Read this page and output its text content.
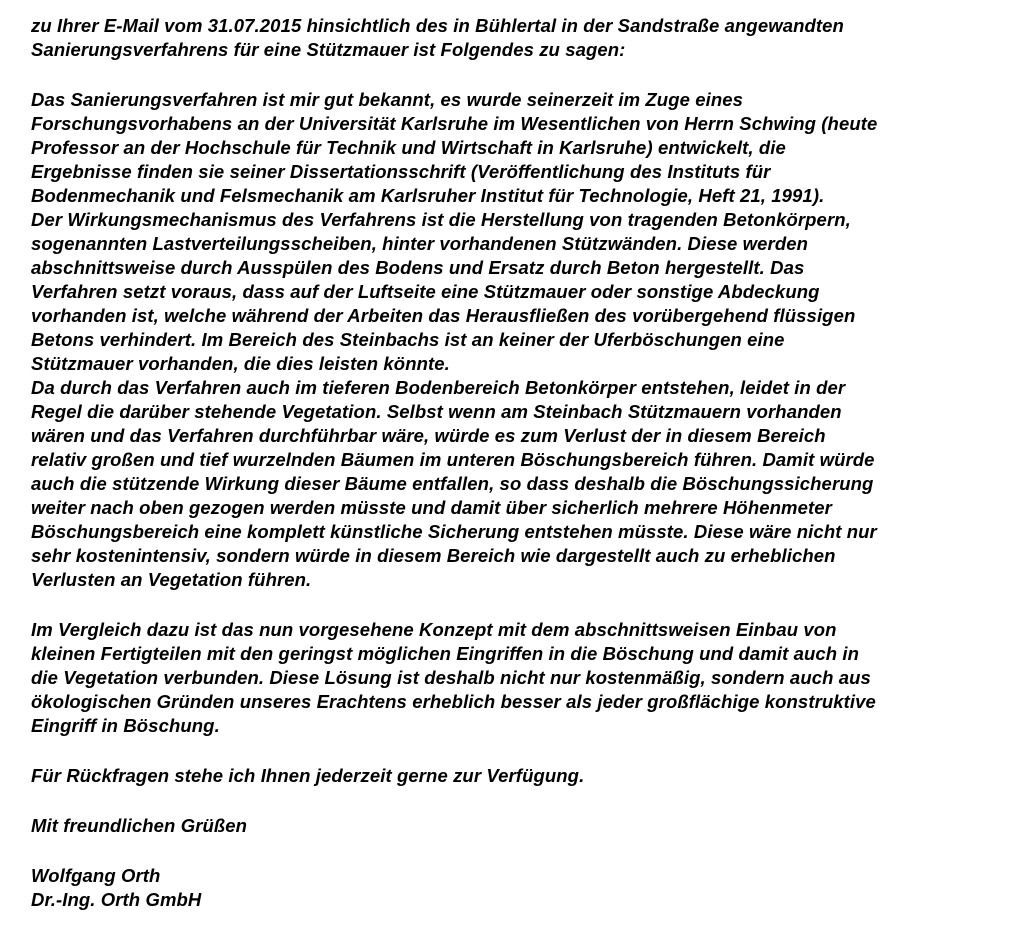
zu Ihrer E-Mail vom 31.07.2015 hinsichtlich des in Bühlertal in der Sandstraße angewandten
Sanierungsverfahrens für eine Stützmauer ist Folgendes zu sagen:

Das Sanierungsverfahren ist mir gut bekannt, es wurde seinerzeit im Zuge eines
Forschungsvorhabens an der Universität Karlsruhe im Wesentlichen von Herrn Schwing (heute
Professor an der Hochschule für Technik und Wirtschaft in Karlsruhe) entwickelt, die
Ergebnisse finden sie seiner Dissertationsschrift (Veröffentlichung des Instituts für
Bodenmechanik und Felsmechanik am Karlsruher Institut für Technologie, Heft 21, 1991).
Der Wirkungsmechanismus des Verfahrens ist die Herstellung von tragenden Betonkörpern,
sogenannten Lastverteilungsscheiben, hinter vorhandenen Stützwänden. Diese werden
abschnittsweise durch Ausspülen des Bodens und Ersatz durch Beton hergestellt. Das
Verfahren setzt voraus, dass auf der Luftseite eine Stützmauer oder sonstige Abdeckung
vorhanden ist, welche während der Arbeiten das Herausfließen des vorübergehend flüssigen
Betons verhindert. Im Bereich des Steinbachs ist an keiner der Uferböschungen eine
Stützmauer vorhanden, die dies leisten könnte.
Da durch das Verfahren auch im tieferen Bodenbereich Betonkörper entstehen, leidet in der
Regel die darüber stehende Vegetation. Selbst wenn am Steinbach Stützmauern vorhanden
wären und das Verfahren durchführbar wäre, würde es zum Verlust der in diesem Bereich
relativ großen und tief wurzelnden Bäumen im unteren Böschungsbereich führen. Damit würde
auch die stützende Wirkung dieser Bäume entfallen, so dass deshalb die Böschungssicherung
weiter nach oben gezogen werden müsste und damit über sicherlich mehrere Höhenmeter
Böschungsbereich eine komplett künstliche Sicherung entstehen müsste. Diese wäre nicht nur
sehr kostenintensiv, sondern würde in diesem Bereich wie dargestellt auch zu erheblichen
Verlusten an Vegetation führen.

Im Vergleich dazu ist das nun vorgesehene Konzept mit dem abschnittsweisen Einbau von
kleinen Fertigteilen mit den geringst möglichen Eingriffen in die Böschung und damit auch in
die Vegetation verbunden. Diese Lösung ist deshalb nicht nur kostenmäßig, sondern auch aus
ökologischen Gründen unseres Erachtens erheblich besser als jeder großflächige konstruktive
Eingriff in Böschung.

Für Rückfragen stehe ich Ihnen jederzeit gerne zur Verfügung.

Mit freundlichen Grüßen

Wolfgang Orth
Dr.-Ing. Orth GmbH
